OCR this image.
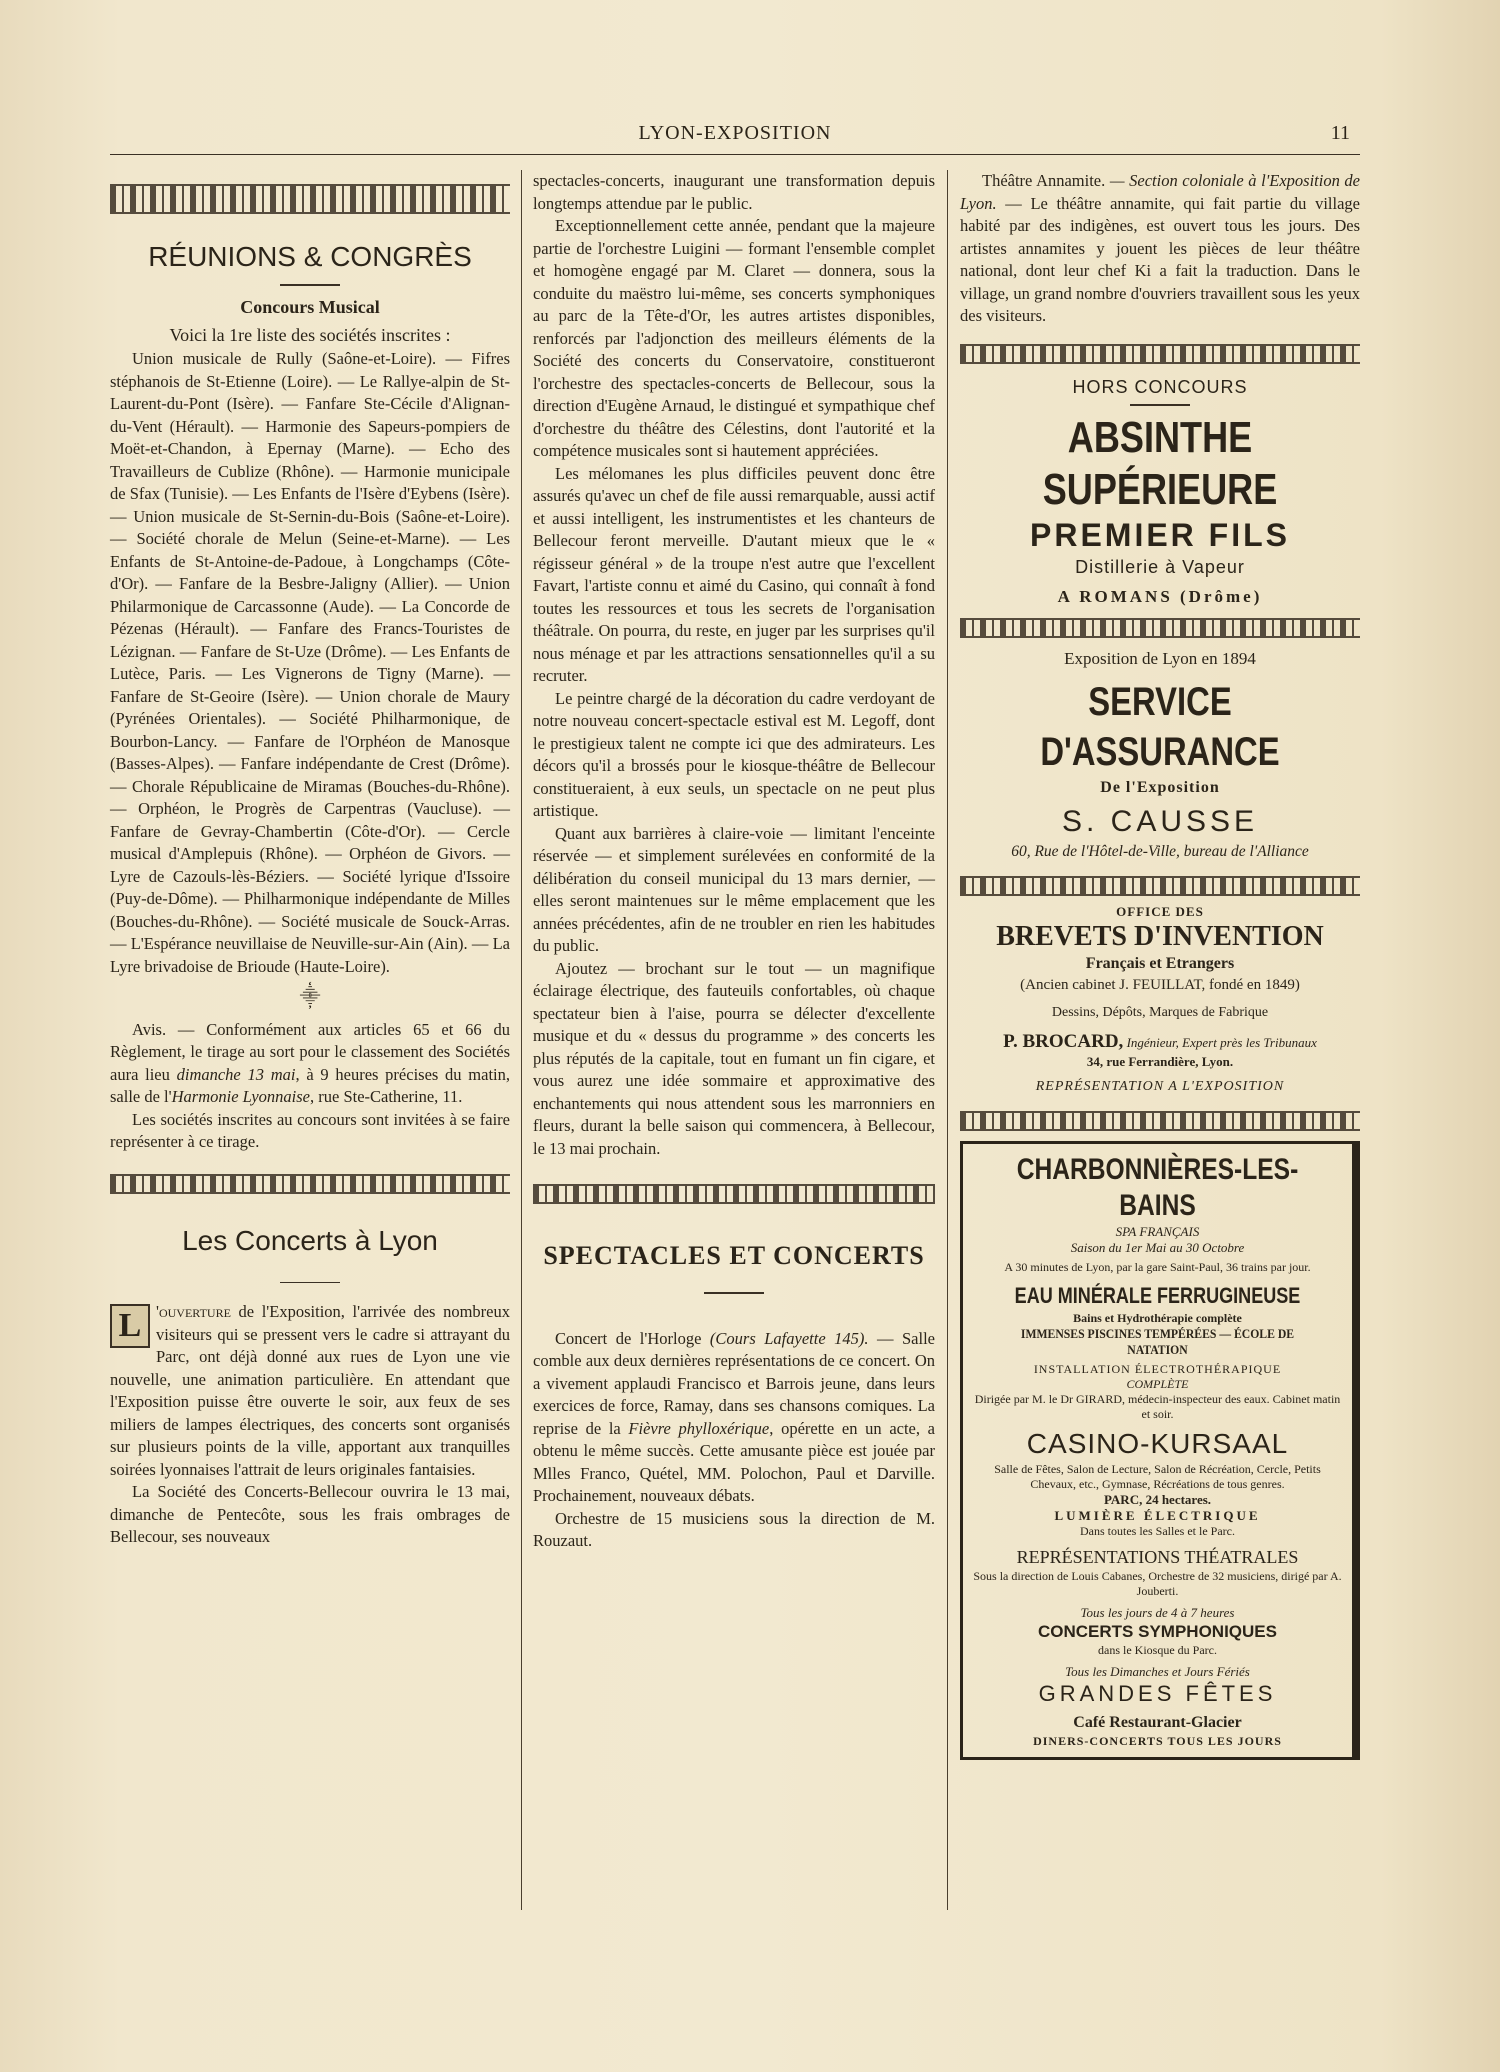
LYON-EXPOSITION	11
RÉUNIONS & CONGRÈS
Concours Musical

Voici la 1re liste des sociétés inscrites :

Union musicale de Rully (Saône-et-Loire). — Fifres stéphanois de St-Etienne (Loire). — Le Rallye-alpin de St-Laurent-du-Pont (Isère). — Fanfare Ste-Cécile d'Alignan-du-Vent (Hérault). — Harmonie des Sapeurs-pompiers de Moët-et-Chandon, à Epernay (Marne). — Echo des Travailleurs de Cublize (Rhône). — Harmonie municipale de Sfax (Tunisie). — Les Enfants de l'Isère d'Eybens (Isère). — Union musicale de St-Sernin-du-Bois (Saône-et-Loire). — Société chorale de Melun (Seine-et-Marne). — Les Enfants de St-Antoine-de-Padoue, à Longchamps (Côte-d'Or). — Fanfare de la Besbre-Jaligny (Allier). — Union Philarmonique de Carcassonne (Aude). — La Concorde de Pézenas (Hérault). — Fanfare des Francs-Touristes de Lézignan. — Fanfare de St-Uze (Drôme). — Les Enfants de Lutèce, Paris. — Les Vignerons de Tigny (Marne). — Fanfare de St-Geoire (Isère). — Union chorale de Maury (Pyrénées Orientales). — Société Philharmonique, de Bourbon-Lancy. — Fanfare de l'Orphéon de Manosque (Basses-Alpes). — Fanfare indépendante de Crest (Drôme). — Chorale Républicaine de Miramas (Bouches-du-Rhône). — Orphéon, le Progrès de Carpentras (Vaucluse). — Fanfare de Gevray-Chambertin (Côte-d'Or). — Cercle musical d'Amplepuis (Rhône). — Orphéon de Givors. — Lyre de Cazouls-lès-Béziers. — Société lyrique d'Issoire (Puy-de-Dôme). — Philharmonique indépendante de Milles (Bouches-du-Rhône). — Société musicale de Souck-Arras. — L'Espérance neuvillaise de Neuville-sur-Ain (Ain). — La Lyre brivadoise de Brioude (Haute-Loire).

⸎

Avis. — Conformément aux articles 65 et 66 du Règlement, le tirage au sort pour le classement des Sociétés aura lieu dimanche 13 mai, à 9 heures précises du matin, salle de l'Harmonie Lyonnaise, rue Ste-Catherine, 11.

Les sociétés inscrites au concours sont invitées à se faire représenter à ce tirage.

Les Concerts à Lyon

L 'ouverture de l'Exposition, l'arrivée des nombreux visiteurs qui se pressent vers le cadre si attrayant du Parc, ont déjà donné aux rues de Lyon une vie nouvelle, une animation particulière. En attendant que l'Exposition puisse être ouverte le soir, aux feux de ses miliers de lampes électriques, des concerts sont organisés sur plusieurs points de la ville, apportant aux tranquilles soirées lyonnaises l'attrait de leurs originales fantaisies.

La Société des Concerts-Bellecour ouvrira le 13 mai, dimanche de Pentecôte, sous les frais ombrages de Bellecour, ses nouveaux

spectacles-concerts, inaugurant une transformation depuis longtemps attendue par le public.

Exceptionnellement cette année, pendant que la majeure partie de l'orchestre Luigini — formant l'ensemble complet et homogène engagé par M. Claret — donnera, sous la conduite du maëstro lui-même, ses concerts symphoniques au parc de la Tête-d'Or, les autres artistes disponibles, renforcés par l'adjonction des meilleurs éléments de la Société des concerts du Conservatoire, constitueront l'orchestre des spectacles-concerts de Bellecour, sous la direction d'Eugène Arnaud, le distingué et sympathique chef d'orchestre du théâtre des Célestins, dont l'autorité et la compétence musicales sont si hautement appréciées.

Les mélomanes les plus difficiles peuvent donc être assurés qu'avec un chef de file aussi remarquable, aussi actif et aussi intelligent, les instrumentistes et les chanteurs de Bellecour feront merveille. D'autant mieux que le « régisseur général » de la troupe n'est autre que l'excellent Favart, l'artiste connu et aimé du Casino, qui connaît à fond toutes les ressources et tous les secrets de l'organisation théâtrale. On pourra, du reste, en juger par les surprises qu'il nous ménage et par les attractions sensationnelles qu'il a su recruter.

Le peintre chargé de la décoration du cadre verdoyant de notre nouveau concert-spectacle estival est M. Legoff, dont le prestigieux talent ne compte ici que des admirateurs. Les décors qu'il a brossés pour le kiosque-théâtre de Bellecour constitueraient, à eux seuls, un spectacle on ne peut plus artistique.

Quant aux barrières à claire-voie — limitant l'enceinte réservée — et simplement surélevées en conformité de la délibération du conseil municipal du 13 mars dernier, — elles seront maintenues sur le même emplacement que les années précédentes, afin de ne troubler en rien les habitudes du public.

Ajoutez — brochant sur le tout — un magnifique éclairage électrique, des fauteuils confortables, où chaque spectateur bien à l'aise, pourra se délecter d'excellente musique et du « dessus du programme » des concerts les plus réputés de la capitale, tout en fumant un fin cigare, et vous aurez une idée sommaire et approximative des enchantements qui nous attendent sous les marronniers en fleurs, durant la belle saison qui commencera, à Bellecour, le 13 mai prochain.

SPECTACLES ET CONCERTS

Concert de l'Horloge (Cours Lafayette 145). — Salle comble aux deux dernières représentations de ce concert. On a vivement applaudi Francisco et Barrois jeune, dans leurs exercices de force, Ramay, dans ses chansons comiques. La reprise de la Fièvre phylloxérique, opérette en un acte, a obtenu le même succès. Cette amusante pièce est jouée par Mlles Franco, Quétel, MM. Polochon, Paul et Darville. Prochainement, nouveaux débats.

Orchestre de 15 musiciens sous la direction de M. Rouzaut.

Théâtre Annamite. — Section coloniale à l'Exposition de Lyon. — Le théâtre annamite, qui fait partie du village habité par des indigènes, est ouvert tous les jours. Des artistes annamites y jouent les pièces de leur théâtre national, dont leur chef Ki a fait la traduction. Dans le village, un grand nombre d'ouvriers travaillent sous les yeux des visiteurs.

HORS CONCOURS
ABSINTHE SUPÉRIEURE
PREMIER FILS
Distillerie à Vapeur
A ROMANS (Drôme)
Exposition de Lyon en 1894
SERVICE D'ASSURANCE
De l'Exposition
S. CAUSSE
60, Rue de l'Hôtel-de-Ville, bureau de l'Alliance
OFFICE DES
BREVETS D'INVENTION
Français et Etrangers
(Ancien cabinet J. FEUILLAT, fondé en 1849)
Dessins, Dépôts, Marques de Fabrique
P. BROCARD, Ingénieur, Expert près les Tribunaux
34, rue Ferrandière, Lyon.
REPRÉSENTATION A L'EXPOSITION
CHARBONNIÈRES-LES-BAINS
SPA FRANÇAIS
Saison du 1er Mai au 30 Octobre
A 30 minutes de Lyon, par la gare Saint-Paul, 36 trains par jour.
EAU MINÉRALE FERRUGINEUSE
Bains et Hydrothérapie complète
IMMENSES PISCINES TEMPÉRÉES — ÉCOLE DE NATATION
INSTALLATION ÉLECTROTHÉRAPIQUE
COMPLÈTE
Dirigée par M. le Dr GIRARD, médecin-inspecteur des eaux. Cabinet matin et soir.
CASINO-KURSAAL
Salle de Fêtes, Salon de Lecture, Salon de Récréation, Cercle, Petits Chevaux, etc., Gymnase, Récréations de tous genres.
PARC, 24 hectares.
LUMIÈRE ÉLECTRIQUE
Dans toutes les Salles et le Parc.
REPRÉSENTATIONS THÉATRALES
Sous la direction de Louis Cabanes, Orchestre de 32 musiciens, dirigé par A. Jouberti.
Tous les jours de 4 à 7 heures
CONCERTS SYMPHONIQUES
dans le Kiosque du Parc.
Tous les Dimanches et Jours Fériés
GRANDES FÊTES
Café Restaurant-Glacier
DINERS-CONCERTS TOUS LES JOURS
